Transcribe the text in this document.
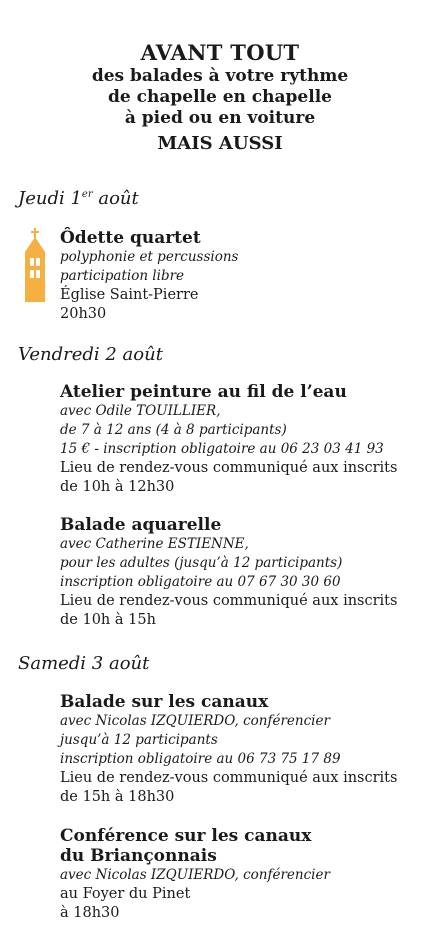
AVANT TOUT
des balades à votre rythme
de chapelle en chapelle
à pied ou en voiture
MAIS AUSSI
Jeudi 1er août
Ôdette quartet
polyphonie et percussions
participation libre
Église Saint-Pierre
20h30
Vendredi 2 août
Atelier peinture au fil de l’eau
avec Odile TOUILLIER,
de 7 à 12 ans (4 à 8 participants)
15 € - inscription obligatoire au 06 23 03 41 93
Lieu de rendez-vous communiqué aux inscrits
de 10h à 12h30
Balade aquarelle
avec Catherine ESTIENNE,
pour les adultes (jusqu’à 12 participants)
inscription obligatoire au 07 67 30 30 60
Lieu de rendez-vous communiqué aux inscrits
de 10h à 15h
Samedi 3 août
Balade sur les canaux
avec Nicolas IZQUIERDO, conférencier
jusqu’à 12 participants
inscription obligatoire au 06 73 75 17 89
Lieu de rendez-vous communiqué aux inscrits
de 15h à 18h30
Conférence sur les canaux
du Briançonnais
avec Nicolas IZQUIERDO, conférencier
au Foyer du Pinet
à 18h30
